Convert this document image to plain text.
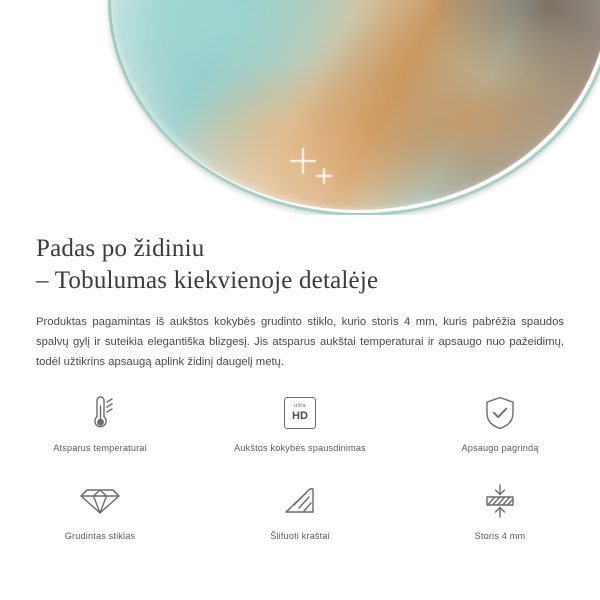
Padas po židiniu
– Tobulumas kiekvienoje detalėje

Produktas pagamintas iš aukštos kokybės grudinto stiklo, kurio storis 4 mm, kuris pabrėžia spaudos spalvų gylį ir suteikia elegantiška blizgesį. Jis atsparus aukštai temperaturai ir apsaugo nuo pažeidimų, todėl užtikrins apsaugą aplink židinį daugelį metų.

Atsparus temperaturai
ultra
HD
Aukštos kokybės spausdinimas	Apsaugo pagrindą
Grudintas stiklas	Šlifuoti kraštai	Storis 4 mm
